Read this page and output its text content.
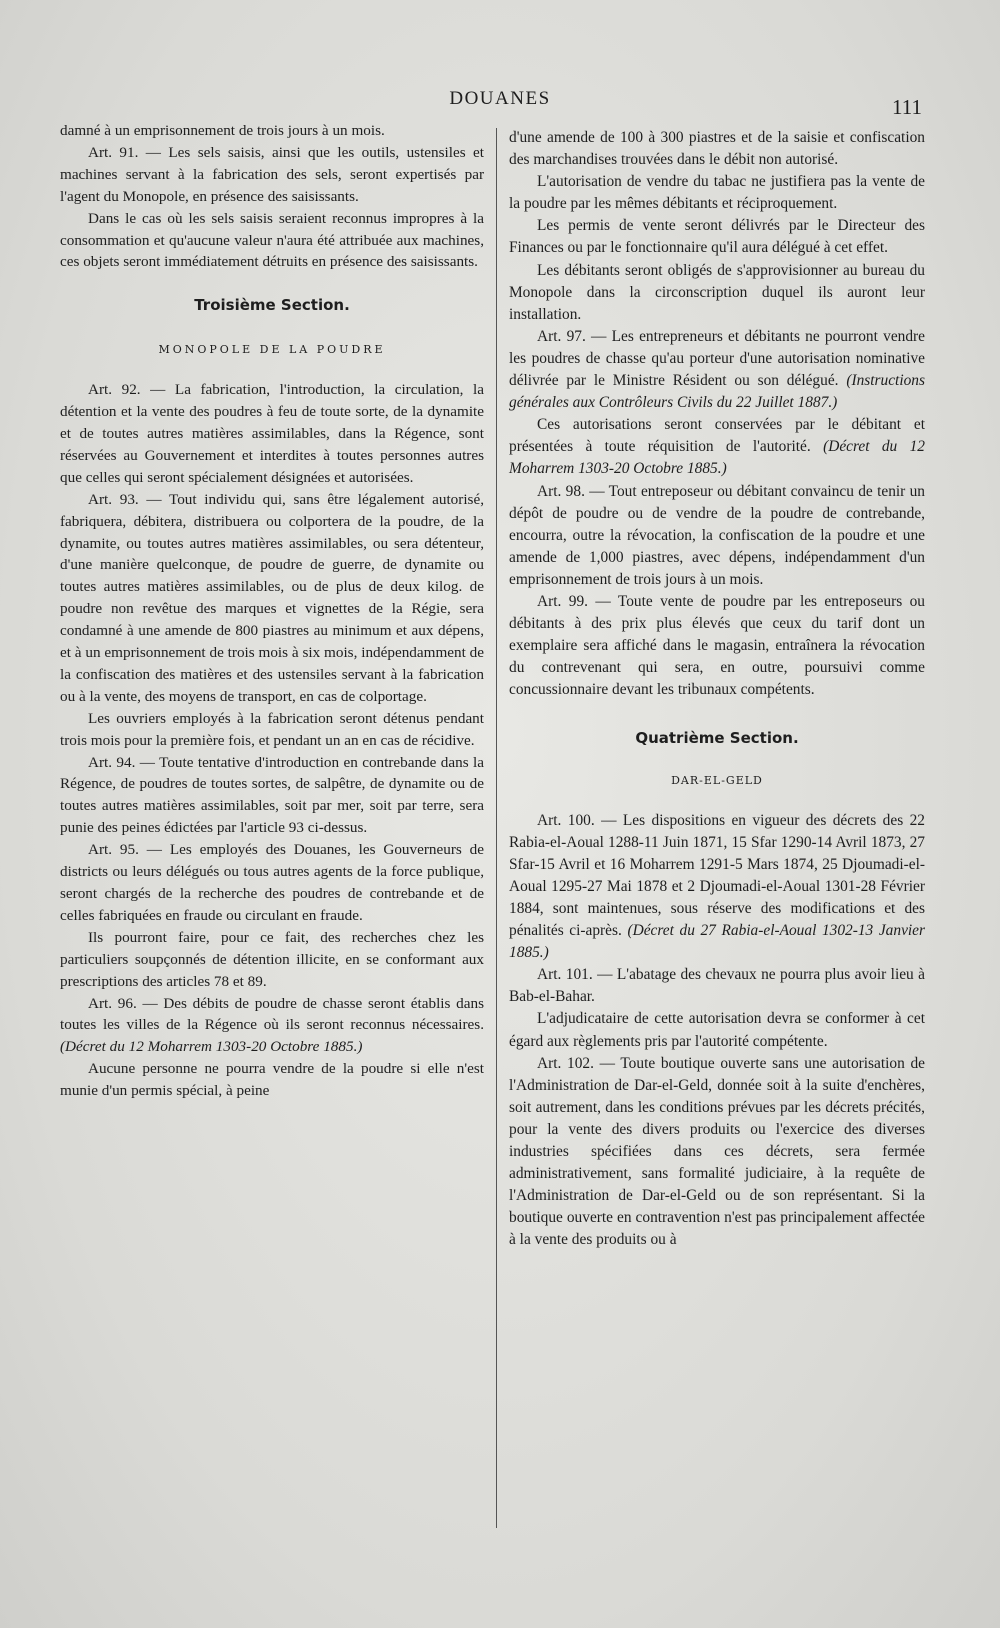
DOUANES	111

damné à un emprisonnement de trois jours à un mois.

Art. 91. — Les sels saisis, ainsi que les outils, ustensiles et machines servant à la fabrication des sels, seront expertisés par l'agent du Monopole, en présence des saisissants.

Dans le cas où les sels saisis seraient reconnus impropres à la consommation et qu'aucune valeur n'aura été attribuée aux machines, ces objets seront immédiatement détruits en présence des saisissants.

Troisième Section.
MONOPOLE DE LA POUDRE

Art. 92. — La fabrication, l'introduction, la circulation, la détention et la vente des poudres à feu de toute sorte, de la dynamite et de toutes autres matières assimilables, dans la Régence, sont réservées au Gouvernement et interdites à toutes personnes autres que celles qui seront spécialement désignées et autorisées.

Art. 93. — Tout individu qui, sans être légalement autorisé, fabriquera, débitera, distribuera ou colportera de la poudre, de la dynamite, ou toutes autres matières assimilables, ou sera détenteur, d'une manière quelconque, de poudre de guerre, de dynamite ou toutes autres matières assimilables, ou de plus de deux kilog. de poudre non revêtue des marques et vignettes de la Régie, sera condamné à une amende de 800 piastres au minimum et aux dépens, et à un emprisonnement de trois mois à six mois, indépendamment de la confiscation des matières et des ustensiles servant à la fabrication ou à la vente, des moyens de transport, en cas de colportage.

Les ouvriers employés à la fabrication seront détenus pendant trois mois pour la première fois, et pendant un an en cas de récidive.

Art. 94. — Toute tentative d'introduction en contrebande dans la Régence, de poudres de toutes sortes, de salpêtre, de dynamite ou de toutes autres matières assimilables, soit par mer, soit par terre, sera punie des peines édictées par l'article 93 ci-dessus.

Art. 95. — Les employés des Douanes, les Gouverneurs de districts ou leurs délégués ou tous autres agents de la force publique, seront chargés de la recherche des poudres de contrebande et de celles fabriquées en fraude ou circulant en fraude.

Ils pourront faire, pour ce fait, des recherches chez les particuliers soupçonnés de détention illicite, en se conformant aux prescriptions des articles 78 et 89.

Art. 96. — Des débits de poudre de chasse seront établis dans toutes les villes de la Régence où ils seront reconnus nécessaires. (Décret du 12 Moharrem 1303-20 Octobre 1885.)

Aucune personne ne pourra vendre de la poudre si elle n'est munie d'un permis spécial, à peine

d'une amende de 100 à 300 piastres et de la saisie et confiscation des marchandises trouvées dans le débit non autorisé.

L'autorisation de vendre du tabac ne justifiera pas la vente de la poudre par les mêmes débitants et réciproquement.

Les permis de vente seront délivrés par le Directeur des Finances ou par le fonctionnaire qu'il aura délégué à cet effet.

Les débitants seront obligés de s'approvisionner au bureau du Monopole dans la circonscription duquel ils auront leur installation.

Art. 97. — Les entrepreneurs et débitants ne pourront vendre les poudres de chasse qu'au porteur d'une autorisation nominative délivrée par le Ministre Résident ou son délégué. (Instructions générales aux Contrôleurs Civils du 22 Juillet 1887.)

Ces autorisations seront conservées par le débitant et présentées à toute réquisition de l'autorité. (Décret du 12 Moharrem 1303-20 Octobre 1885.)

Art. 98. — Tout entreposeur ou débitant convaincu de tenir un dépôt de poudre ou de vendre de la poudre de contrebande, encourra, outre la révocation, la confiscation de la poudre et une amende de 1,000 piastres, avec dépens, indépendamment d'un emprisonnement de trois jours à un mois.

Art. 99. — Toute vente de poudre par les entreposeurs ou débitants à des prix plus élevés que ceux du tarif dont un exemplaire sera affiché dans le magasin, entraînera la révocation du contrevenant qui sera, en outre, poursuivi comme concussionnaire devant les tribunaux compétents.

Quatrième Section.
DAR-EL-GELD

Art. 100. — Les dispositions en vigueur des décrets des 22 Rabia-el-Aoual 1288-11 Juin 1871, 15 Sfar 1290-14 Avril 1873, 27 Sfar-15 Avril et 16 Moharrem 1291-5 Mars 1874, 25 Djoumadi-el-Aoual 1295-27 Mai 1878 et 2 Djoumadi-el-Aoual 1301-28 Février 1884, sont maintenues, sous réserve des modifications et des pénalités ci-après. (Décret du 27 Rabia-el-Aoual 1302-13 Janvier 1885.)

Art. 101. — L'abatage des chevaux ne pourra plus avoir lieu à Bab-el-Bahar.

L'adjudicataire de cette autorisation devra se conformer à cet égard aux règlements pris par l'autorité compétente.

Art. 102. — Toute boutique ouverte sans une autorisation de l'Administration de Dar-el-Geld, donnée soit à la suite d'enchères, soit autrement, dans les conditions prévues par les décrets précités, pour la vente des divers produits ou l'exercice des diverses industries spécifiées dans ces décrets, sera fermée administrativement, sans formalité judiciaire, à la requête de l'Administration de Dar-el-Geld ou de son représentant. Si la boutique ouverte en contravention n'est pas principalement affectée à la vente des produits ou à
